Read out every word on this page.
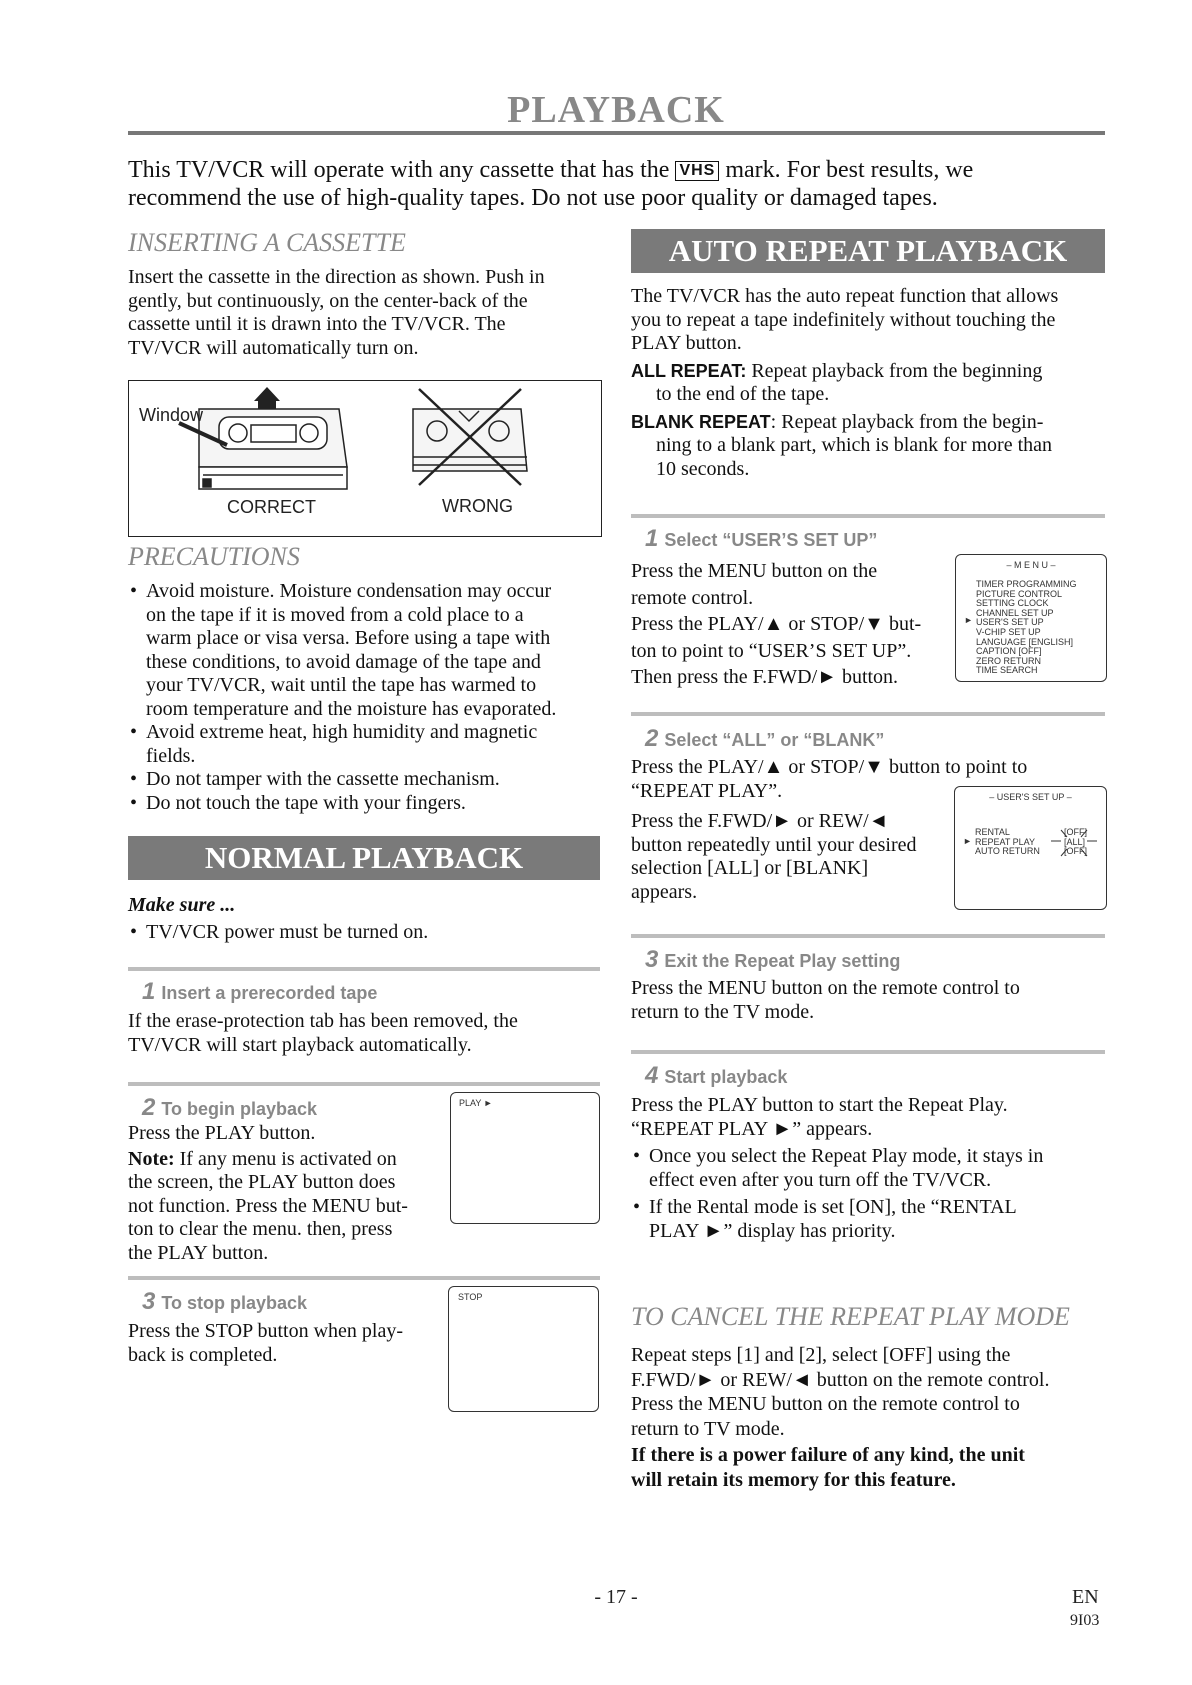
PLAYBACK
This TV/VCR will operate with any cassette that has the VHS mark. For best results, we
recommend the use of high-quality tapes. Do not use poor quality or damaged tapes.
INSERTING A CASSETTE
Insert the cassette in the direction as shown. Push in
gently, but continuously, on the center-back of the
cassette until it is drawn into the TV/VCR. The
TV/VCR will automatically turn on.
Window
CORRECT	WRONG
PRECAUTIONS
• Avoid moisture. Moisture condensation may occur
on the tape if it is moved from a cold place to a
warm place or visa versa. Before using a tape with
these conditions, to avoid damage of the tape and
your TV/VCR, wait until the tape has warmed to
room temperature and the moisture has evaporated.
• Avoid extreme heat, high humidity and magnetic
fields.
• Do not tamper with the cassette mechanism.
• Do not touch the tape with your fingers.
NORMAL PLAYBACK
Make sure ...
• TV/VCR power must be turned on.
1 Insert a prerecorded tape
If the erase-protection tab has been removed, the
TV/VCR will start playback automatically.
2 To begin playback
Press the PLAY button.
Note: If any menu is activated on
the screen, the PLAY button does
not function. Press the MENU but-
ton to clear the menu. then, press
the PLAY button.
PLAY ►
3 To stop playback
Press the STOP button when play-
back is completed.
STOP
AUTO REPEAT PLAYBACK
The TV/VCR has the auto repeat function that allows
you to repeat a tape indefinitely without touching the
PLAY button.
ALL REPEAT: Repeat playback from the beginning
to the end of the tape.
BLANK REPEAT: Repeat playback from the begin-
ning to a blank part, which is blank for more than
10 seconds.
1 Select “USER’S SET UP”
Press the MENU button on the
remote control.
Press the PLAY/▲ or STOP/▼ but-
ton to point to “USER’S SET UP”.
Then press the F.FWD/► button.
– M E N U –
►
TIMER PROGRAMMING
PICTURE CONTROL
SETTING CLOCK
CHANNEL SET UP
USER'S SET UP
V-CHIP SET UP
LANGUAGE [ENGLISH]
CAPTION [OFF]
ZERO RETURN
TIME SEARCH
2 Select “ALL” or “BLANK”
Press the PLAY/▲ or STOP/▼ button to point to
“REPEAT PLAY”.
Press the F.FWD/► or REW/◄
button repeatedly until your desired
selection [ALL] or [BLANK]
appears.
– USER'S SET UP –
►
RENTAL
REPEAT PLAY
AUTO RETURN
[OFF]
[ALL]
[OFF]
3 Exit the Repeat Play setting
Press the MENU button on the remote control to
return to the TV mode.
4 Start playback
Press the PLAY button to start the Repeat Play.
“REPEAT PLAY ►” appears.
• Once you select the Repeat Play mode, it stays in
effect even after you turn off the TV/VCR.
• If the Rental mode is set [ON], the “RENTAL
PLAY ►” display has priority.
TO CANCEL THE REPEAT PLAY MODE
Repeat steps [1] and [2], select [OFF] using the
F.FWD/► or REW/◄ button on the remote control.
Press the MENU button on the remote control to
return to TV mode.
If there is a power failure of any kind, the unit
will retain its memory for this feature.
- 17 -	EN
9I03
